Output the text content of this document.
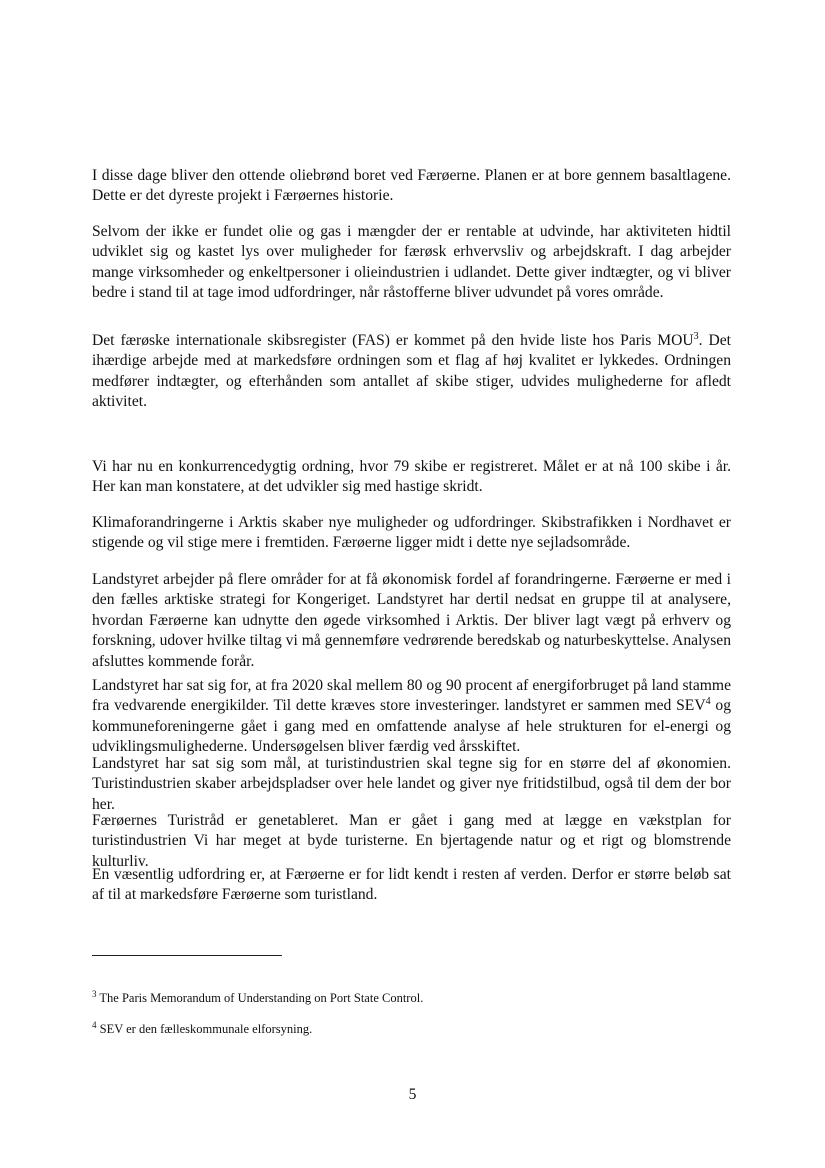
I disse dage bliver den ottende oliebrønd boret ved Færøerne. Planen er at bore gennem basaltlagene. Dette er det dyreste projekt i Færøernes historie.

Selvom der ikke er fundet olie og gas i mængder der er rentable at udvinde, har aktiviteten hidtil udviklet sig og kastet lys over muligheder for færøsk erhvervsliv og arbejdskraft. I dag arbejder mange virksomheder og enkeltpersoner i olieindustrien i udlandet. Dette giver indtægter, og vi bliver bedre i stand til at tage imod udfordringer, når råstofferne bliver udvundet på vores område.

Det færøske internationale skibsregister (FAS) er kommet på den hvide liste hos Paris MOU$^3$. Det ihærdige arbejde med at markedsføre ordningen som et flag af høj kvalitet er lykkedes. Ordningen medfører indtægter, og efterhånden som antallet af skibe stiger, udvides mulighederne for afledt aktivitet.

Vi har nu en konkurrencedygtig ordning, hvor 79 skibe er registreret. Målet er at nå 100 skibe i år. Her kan man konstatere, at det udvikler sig med hastige skridt.

Klimaforandringerne i Arktis skaber nye muligheder og udfordringer. Skibstrafikken i Nordhavet er stigende og vil stige mere i fremtiden. Færøerne ligger midt i dette nye sejladsområde.

Landstyret arbejder på flere områder for at få økonomisk fordel af forandringerne. Færøerne er med i den fælles arktiske strategi for Kongeriget. Landstyret har dertil nedsat en gruppe til at analysere, hvordan Færøerne kan udnytte den øgede virksomhed i Arktis. Der bliver lagt vægt på erhverv og forskning, udover hvilke tiltag vi må gennemføre vedrørende beredskab og naturbeskyttelse. Analysen afsluttes kommende forår.

Landstyret har sat sig for, at fra 2020 skal mellem 80 og 90 procent af energiforbruget på land stamme fra vedvarende energikilder. Til dette kræves store investeringer. landstyret er sammen med SEV$^4$ og kommuneforeningerne gået i gang med en omfattende analyse af hele strukturen for el-energi og udviklingsmulighederne. Undersøgelsen bliver færdig ved årsskiftet.

Landstyret har sat sig som mål, at turistindustrien skal tegne sig for en større del af økonomien. Turistindustrien skaber arbejdspladser over hele landet og giver nye fritidstilbud, også til dem der bor her.

Færøernes Turistråd er genetableret. Man er gået i gang med at lægge en vækstplan for turistindustrien Vi har meget at byde turisterne. En bjertagende natur og et rigt og blomstrende kulturliv.

En væsentlig udfordring er, at Færøerne er for lidt kendt i resten af verden. Derfor er større beløb sat af til at markedsføre Færøerne som turistland.

$^3$ The Paris Memorandum of Understanding on Port State Control.
$^4$ SEV er den fælleskommunale elforsyning.
5
